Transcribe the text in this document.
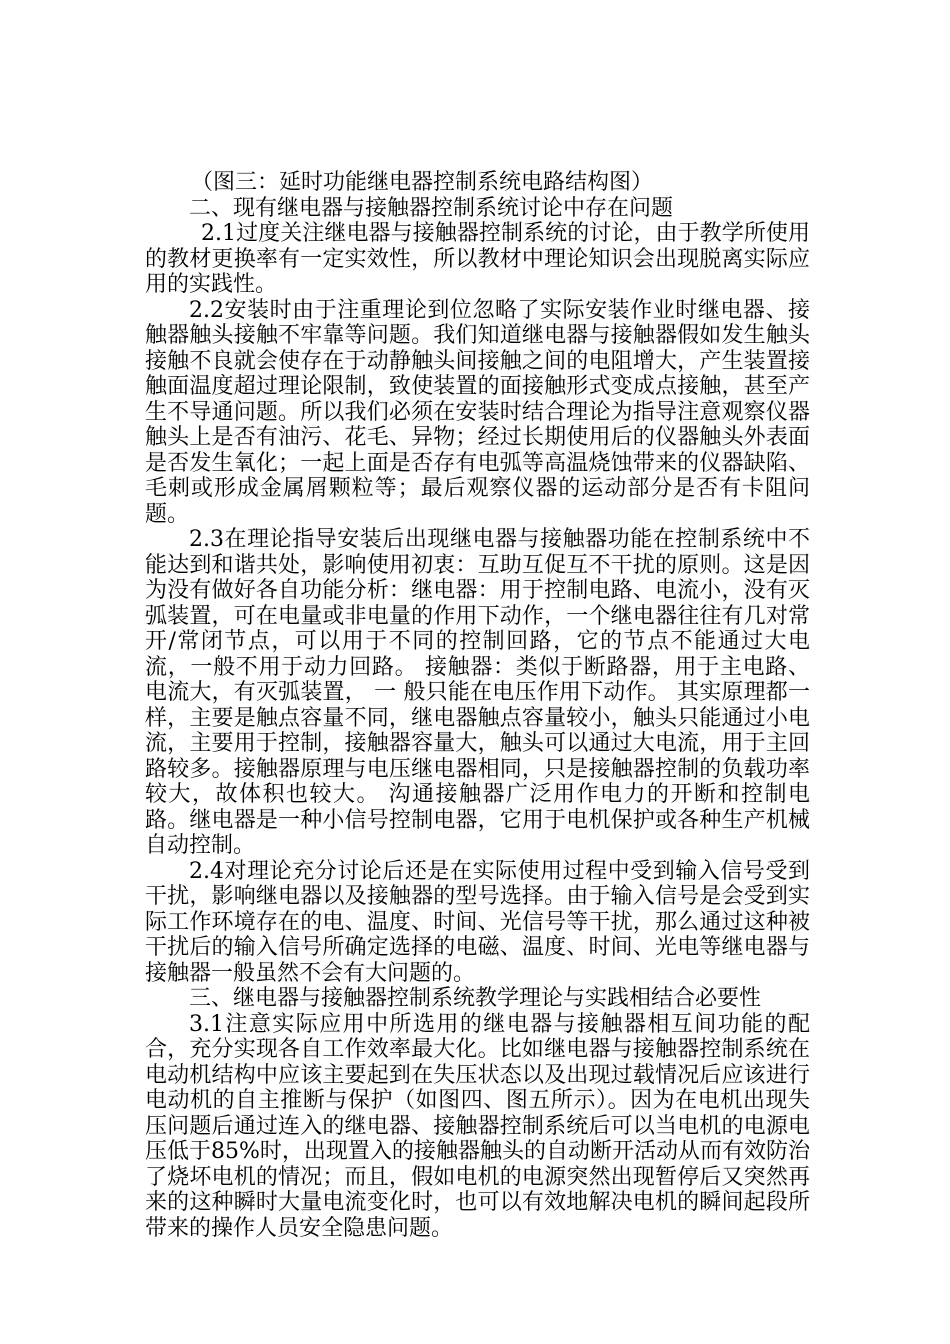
（图三：延时功能继电器控制系统电路结构图）

二、现有继电器与接触器控制系统讨论中存在问题

2.1过度关注继电器与接触器控制系统的讨论，由于教学所使用的教材更换率有一定实效性，所以教材中理论知识会出现脱离实际应用的实践性。

2.2安装时由于注重理论到位忽略了实际安装作业时继电器、接触器触头接触不牢靠等问题。我们知道继电器与接触器假如发生触头接触不良就会使存在于动静触头间接触之间的电阻增大，产生装置接触面温度超过理论限制，致使装置的面接触形式变成点接触，甚至产生不导通问题。所以我们必须在安装时结合理论为指导注意观察仪器触头上是否有油污、花毛、异物；经过长期使用后的仪器触头外表面是否发生氧化；一起上面是否存有电弧等高温烧蚀带来的仪器缺陷、毛刺或形成金属屑颗粒等；最后观察仪器的运动部分是否有卡阻问题。

2.3在理论指导安装后出现继电器与接触器功能在控制系统中不能达到和谐共处，影响使用初衷：互助互促互不干扰的原则。这是因为没有做好各自功能分析：继电器：用于控制电路、电流小，没有灭弧装置，可在电量或非电量的作用下动作，一个继电器往往有几对常开/常闭节点，可以用于不同的控制回路，它的节点不能通过大电流，一般不用于动力回路。 接触器：类似于断路器，用于主电路、电流大，有灭弧装置， 一 般只能在电压作用下动作。 其实原理都一样，主要是触点容量不同，继电器触点容量较小，触头只能通过小电流，主要用于控制，接触器容量大，触头可以通过大电流，用于主回路较多。接触器原理与电压继电器相同，只是接触器控制的负载功率较大，故体积也较大。 沟通接触器广泛用作电力的开断和控制电路。继电器是一种小信号控制电器，它用于电机保护或各种生产机械自动控制。

2.4对理论充分讨论后还是在实际使用过程中受到输入信号受到干扰，影响继电器以及接触器的型号选择。由于输入信号是会受到实际工作环境存在的电、温度、时间、光信号等干扰，那么通过这种被干扰后的输入信号所确定选择的电磁、温度、时间、光电等继电器与接触器一般虽然不会有大问题的。

三、继电器与接触器控制系统教学理论与实践相结合必要性

3.1注意实际应用中所选用的继电器与接触器相互间功能的配合，充分实现各自工作效率最大化。比如继电器与接触器控制系统在电动机结构中应该主要起到在失压状态以及出现过载情况后应该进行电动机的自主推断与保护（如图四、图五所示）。因为在电机出现失压问题后通过连入的继电器、接触器控制系统后可以当电机的电源电压低于85%时，出现置入的接触器触头的自动断开活动从而有效防治了烧坏电机的情况；而且，假如电机的电源突然出现暂停后又突然再来的这种瞬时大量电流变化时，也可以有效地解决电机的瞬间起段所带来的操作人员安全隐患问题。
